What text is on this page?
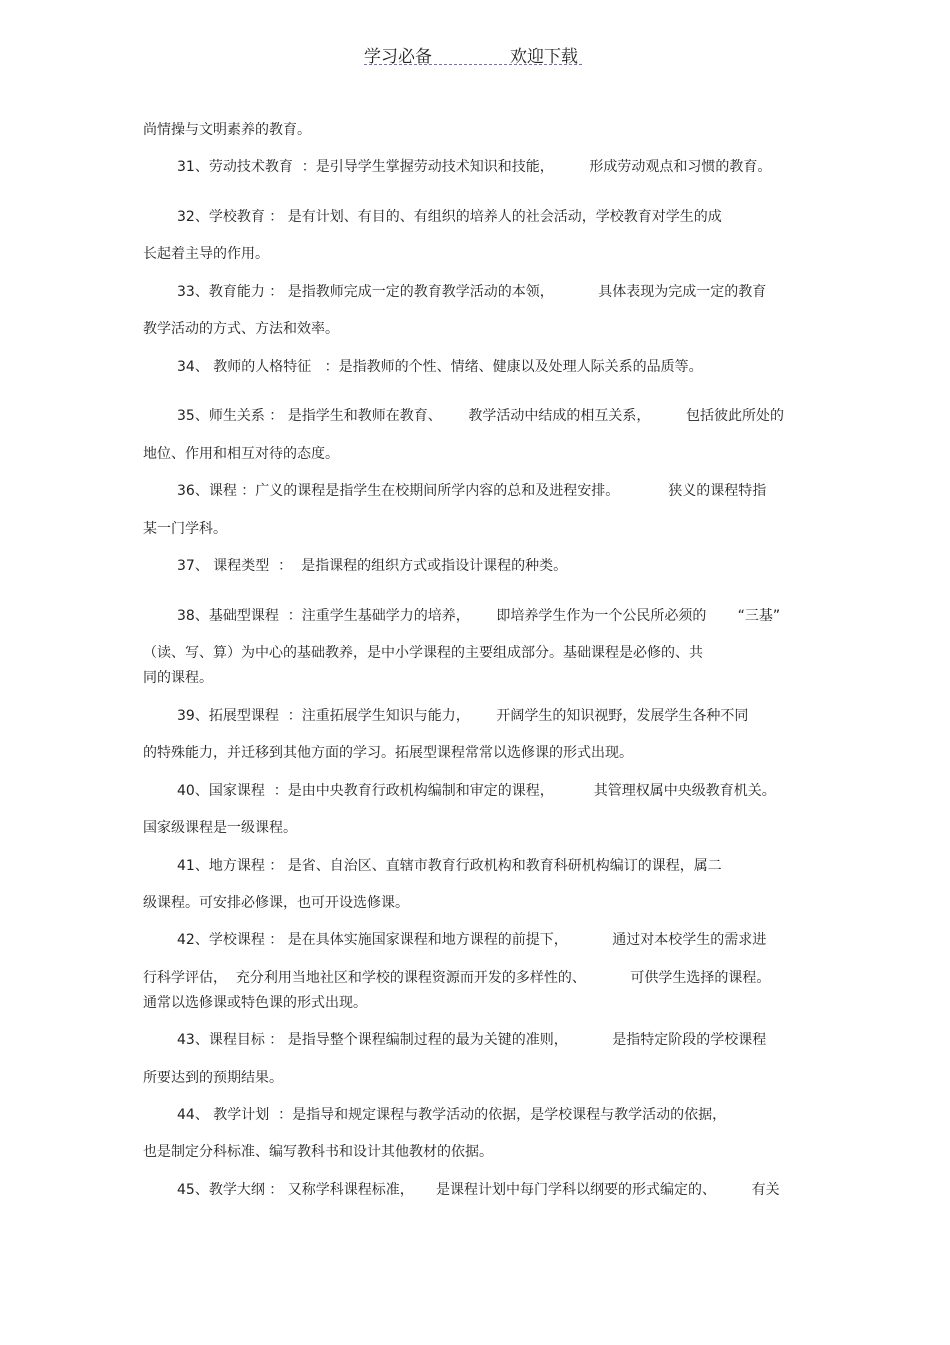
学习必备	欢迎下载
尚情操与文明素养的教育。
31、劳动技术教育  ：是引导学生掌握劳动技术知识和技能，        形成劳动观点和习惯的教育。
32、学校教育 ： 是有计划、有目的、有组织的培养人的社会活动，学校教育对学生的成
长起着主导的作用。
33、教育能力 ： 是指教师完成一定的教育教学活动的本领，          具体表现为完成一定的教育
教学活动的方式、方法和效率。
34、 教师的人格特征   ：是指教师的个性、情绪、健康以及处理人际关系的品质等。
35、师生关系 ： 是指学生和教师在教育、      教学活动中结成的相互关系，        包括彼此所处的
地位、作用和相互对待的态度。
36、课程 ：广义的课程是指学生在校期间所学内容的总和及进程安排。           狭义的课程特指
某一门学科。
37、 课程类型  ：  是指课程的组织方式或指设计课程的种类。
38、基础型课程  ：注重学生基础学力的培养，      即培养学生作为一个公民所必须的       “三基”
（读、写、算）为中心的基础教养，是中小学课程的主要组成部分。基础课程是必修的、共
同的课程。
39、拓展型课程  ：注重拓展学生知识与能力，      开阔学生的知识视野，发展学生各种不同
的特殊能力，并迁移到其他方面的学习。拓展型课程常常以选修课的形式出现。
40、国家课程  ：是由中央教育行政机构编制和审定的课程，         其管理权属中央级教育机关。
国家级课程是一级课程。
41、地方课程 ： 是省、自治区、直辖市教育行政机构和教育科研机构编订的课程，属二
级课程。可安排必修课，也可开设选修课。
42、学校课程 ： 是在具体实施国家课程和地方课程的前提下，          通过对本校学生的需求进
行科学评估，  充分利用当地社区和学校的课程资源而开发的多样性的、          可供学生选择的课程。
通常以选修课或特色课的形式出现。
43、课程目标 ： 是指导整个课程编制过程的最为关键的准则，          是指特定阶段的学校课程
所要达到的预期结果。
44、 教学计划  ：是指导和规定课程与教学活动的依据，是学校课程与教学活动的依据，
也是制定分科标准、编写教科书和设计其他教材的依据。
45、教学大纲 ： 又称学科课程标准，     是课程计划中每门学科以纲要的形式编定的、        有关
